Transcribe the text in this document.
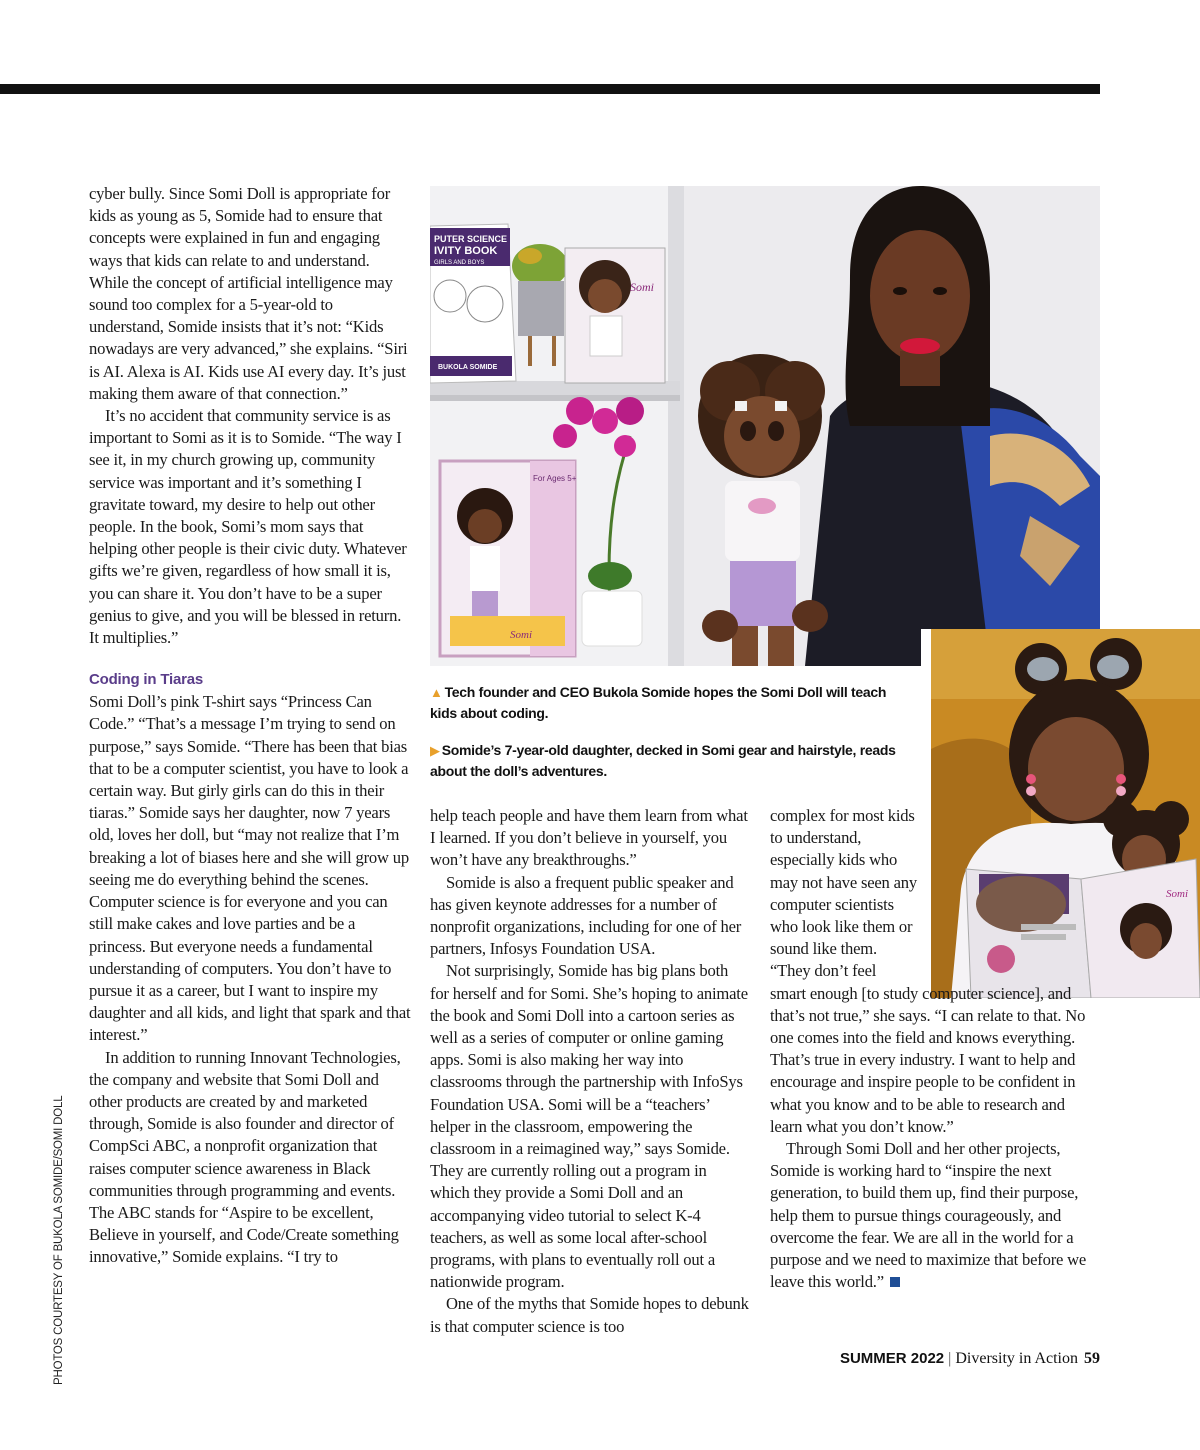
cyber bully. Since Somi Doll is appropriate for kids as young as 5, Somide had to ensure that concepts were explained in fun and engaging ways that kids can relate to and understand. While the concept of artificial intelligence may sound too complex for a 5-year-old to understand, Somide insists that it’s not: “Kids nowadays are very advanced,” she explains. “Siri is AI. Alexa is AI. Kids use AI every day. It’s just making them aware of that connection.”

It’s no accident that community service is as important to Somi as it is to Somide. “The way I see it, in my church growing up, community service was important and it’s something I gravitate toward, my desire to help out other people. In the book, Somi’s mom says that helping other people is their civic duty. Whatever gifts we’re given, regardless of how small it is, you can share it. You don’t have to be a super genius to give, and you will be blessed in return. It multiplies.”

Coding in Tiaras

Somi Doll’s pink T-shirt says “Princess Can Code.” “That’s a message I’m trying to send on purpose,” says Somide. “There has been that bias that to be a computer scientist, you have to look a certain way. But girly girls can do this in their tiaras.” Somide says her daughter, now 7 years old, loves her doll, but “may not realize that I’m breaking a lot of biases here and she will grow up seeing me do everything behind the scenes. Computer science is for everyone and you can still make cakes and love parties and be a princess. But everyone needs a fundamental understanding of computers. You don’t have to pursue it as a career, but I want to inspire my daughter and all kids, and light that spark and that interest.”

In addition to running Innovant Technologies, the company and website that Somi Doll and other products are created by and marketed through, Somide is also founder and director of CompSci ABC, a nonprofit organization that raises computer science awareness in Black communities through programming and events. The ABC stands for “Aspire to be excellent, Believe in yourself, and Code/Create something innovative,” Somide explains. “I try to

PUTER SCIENCE
IVITY BOOK
GIRLS AND BOYS
BUKOLA SOMIDE
Somi
For Ages 5+
Somi
Somi
▲ Tech founder and CEO Bukola Somide hopes the Somi Doll will teach kids about coding.
▶ Somide’s 7-year-old daughter, decked in Somi gear and hairstyle, reads about the doll’s adventures.

help teach people and have them learn from what I learned. If you don’t believe in yourself, you won’t have any breakthroughs.”

Somide is also a frequent public speaker and has given keynote addresses for a number of nonprofit organizations, including for one of her partners, Infosys Foundation USA.

Not surprisingly, Somide has big plans both for herself and for Somi. She’s hoping to animate the book and Somi Doll into a cartoon series as well as a series of computer or online gaming apps. Somi is also making her way into classrooms through the partnership with InfoSys Foundation USA. Somi will be a “teachers’ helper in the classroom, empowering the classroom in a reimagined way,” says Somide. They are currently rolling out a program in which they provide a Somi Doll and an accompanying video tutorial to select K-4 teachers, as well as some local after-school programs, with plans to eventually roll out a nationwide program.

One of the myths that Somide hopes to debunk is that computer science is too

complex for most kids to understand, especially kids who may not have seen any computer scientists who look like them or sound like them. “They don’t feel

smart enough [to study computer science], and that’s not true,” she says. “I can relate to that. No one comes into the field and knows everything. That’s true in every industry. I want to help and encourage and inspire people to be confident in what you know and to be able to research and learn what you don’t know.”

Through Somi Doll and her other projects, Somide is working hard to “inspire the next generation, to build them up, find their purpose, help them to pursue things courageously, and overcome the fear. We are all in the world for a purpose and we need to maximize that before we leave this world.”

PHOTOS COURTESY OF BUKOLA SOMIDE/SOMI DOLL	SUMMER 2022 | Diversity in Action 59
